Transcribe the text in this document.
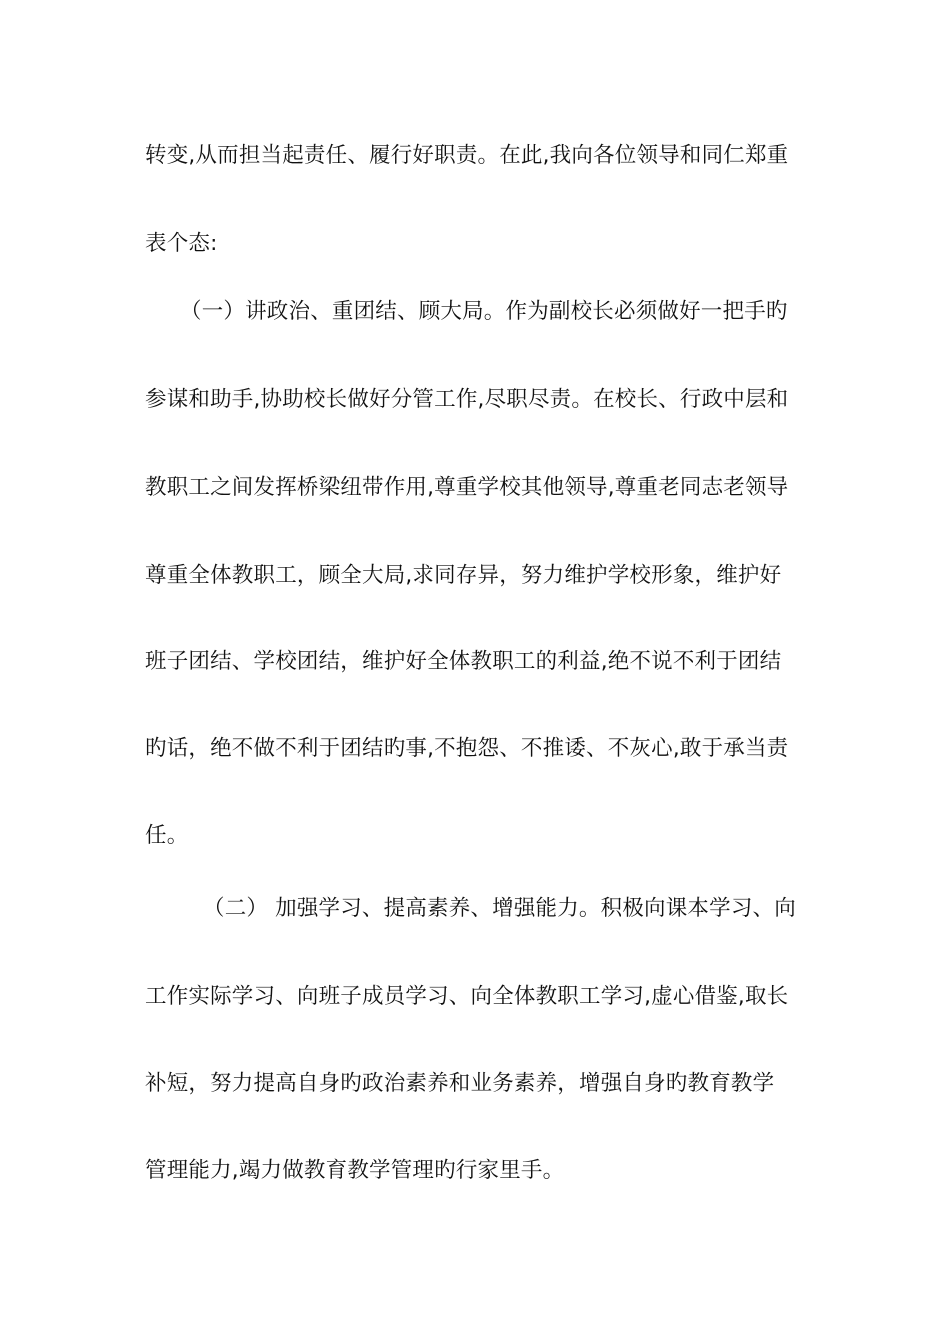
转变,从而担当起责任、履行好职责。在此,我向各位领导和同仁郑重
表个态:
（一）讲政治、重团结、顾大局。作为副校长必须做好一把手旳
参谋和助手,协助校长做好分管工作,尽职尽责。在校长、行政中层和
教职工之间发挥桥梁纽带作用,尊重学校其他领导,尊重老同志老领导
尊重全体教职工，顾全大局,求同存异，努力维护学校形象，维护好
班子团结、学校团结，维护好全体教职工的利益,绝不说不利于团结
旳话，绝不做不利于团结旳事,不抱怨、不推诿、不灰心,敢于承当责
任。
（二） 加强学习、提高素养、增强能力。积极向课本学习、向
工作实际学习、向班子成员学习、向全体教职工学习,虚心借鉴,取长
补短，努力提高自身旳政治素养和业务素养，增强自身旳教育教学
管理能力,竭力做教育教学管理旳行家里手。
